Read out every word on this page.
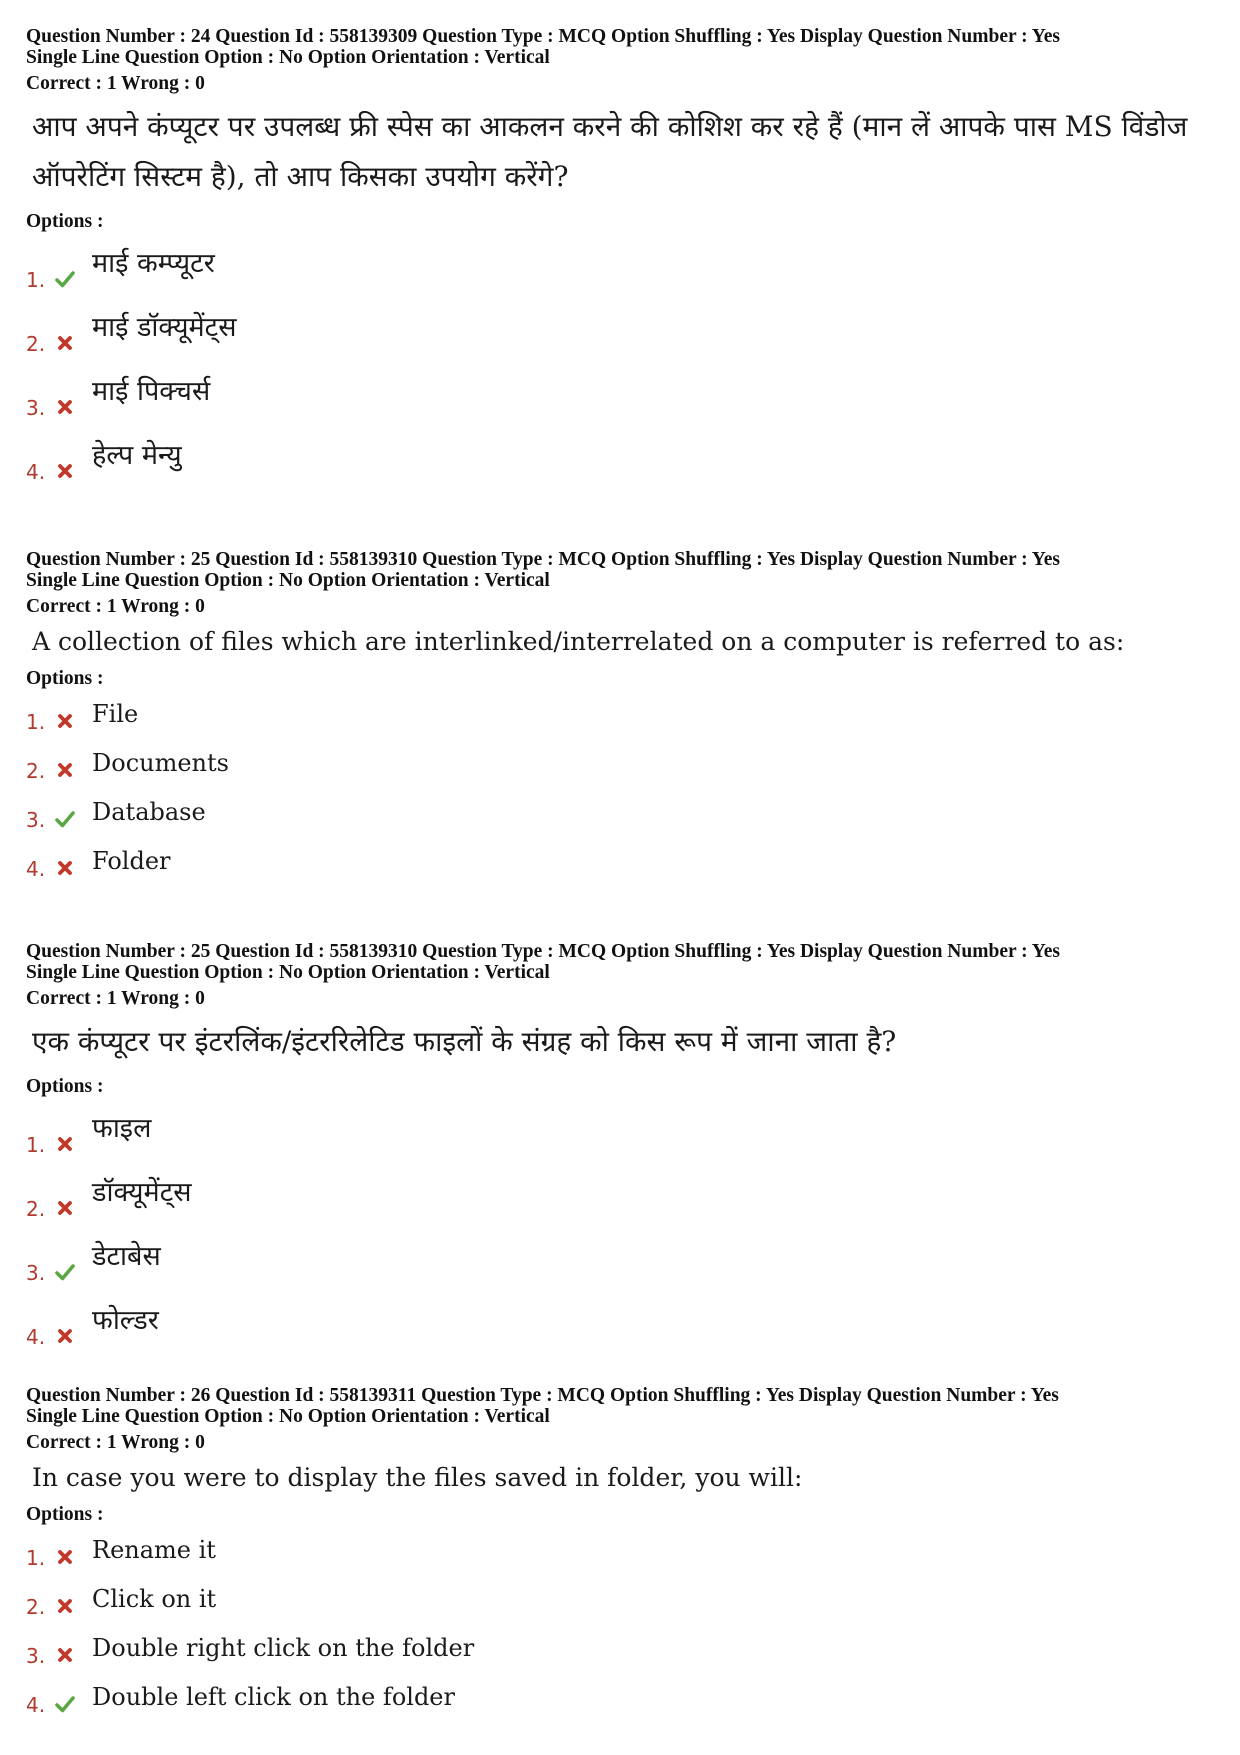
Question Number : 24 Question Id : 558139309 Question Type : MCQ Option Shuffling : Yes Display Question Number : Yes
Single Line Question Option : No Option Orientation : Vertical
Correct : 1 Wrong : 0
आप अपने कंप्यूटर पर उपलब्ध फ्री स्पेस का आकलन करने की कोशिश कर रहे हैं (मान लें आपके पास MS विंडोज ऑपरेटिंग सिस्टम है), तो आप किसका उपयोग करेंगे?
Options :
1.
माई कम्प्यूटर
2.
माई डॉक्यूमेंट्स
3.
माई पिक्चर्स
4.
हेल्प मेन्यु
Question Number : 25 Question Id : 558139310 Question Type : MCQ Option Shuffling : Yes Display Question Number : Yes
Single Line Question Option : No Option Orientation : Vertical
Correct : 1 Wrong : 0
A collection of files which are interlinked/interrelated on a computer is referred to as:
Options :
1. File
2. Documents
3. Database
4. Folder
Question Number : 25 Question Id : 558139310 Question Type : MCQ Option Shuffling : Yes Display Question Number : Yes
Single Line Question Option : No Option Orientation : Vertical
Correct : 1 Wrong : 0
एक कंप्यूटर पर इंटरलिंक/इंटररिलेटिड फाइलों के संग्रह को किस रूप में जाना जाता है?
Options :
1.
फाइल
2.
डॉक्यूमेंट्स
3.
डेटाबेस
4.
फोल्डर
Question Number : 26 Question Id : 558139311 Question Type : MCQ Option Shuffling : Yes Display Question Number : Yes
Single Line Question Option : No Option Orientation : Vertical
Correct : 1 Wrong : 0
In case you were to display the files saved in folder, you will:
Options :
1. Rename it
2. Click on it
3. Double right click on the folder
4. Double left click on the folder
